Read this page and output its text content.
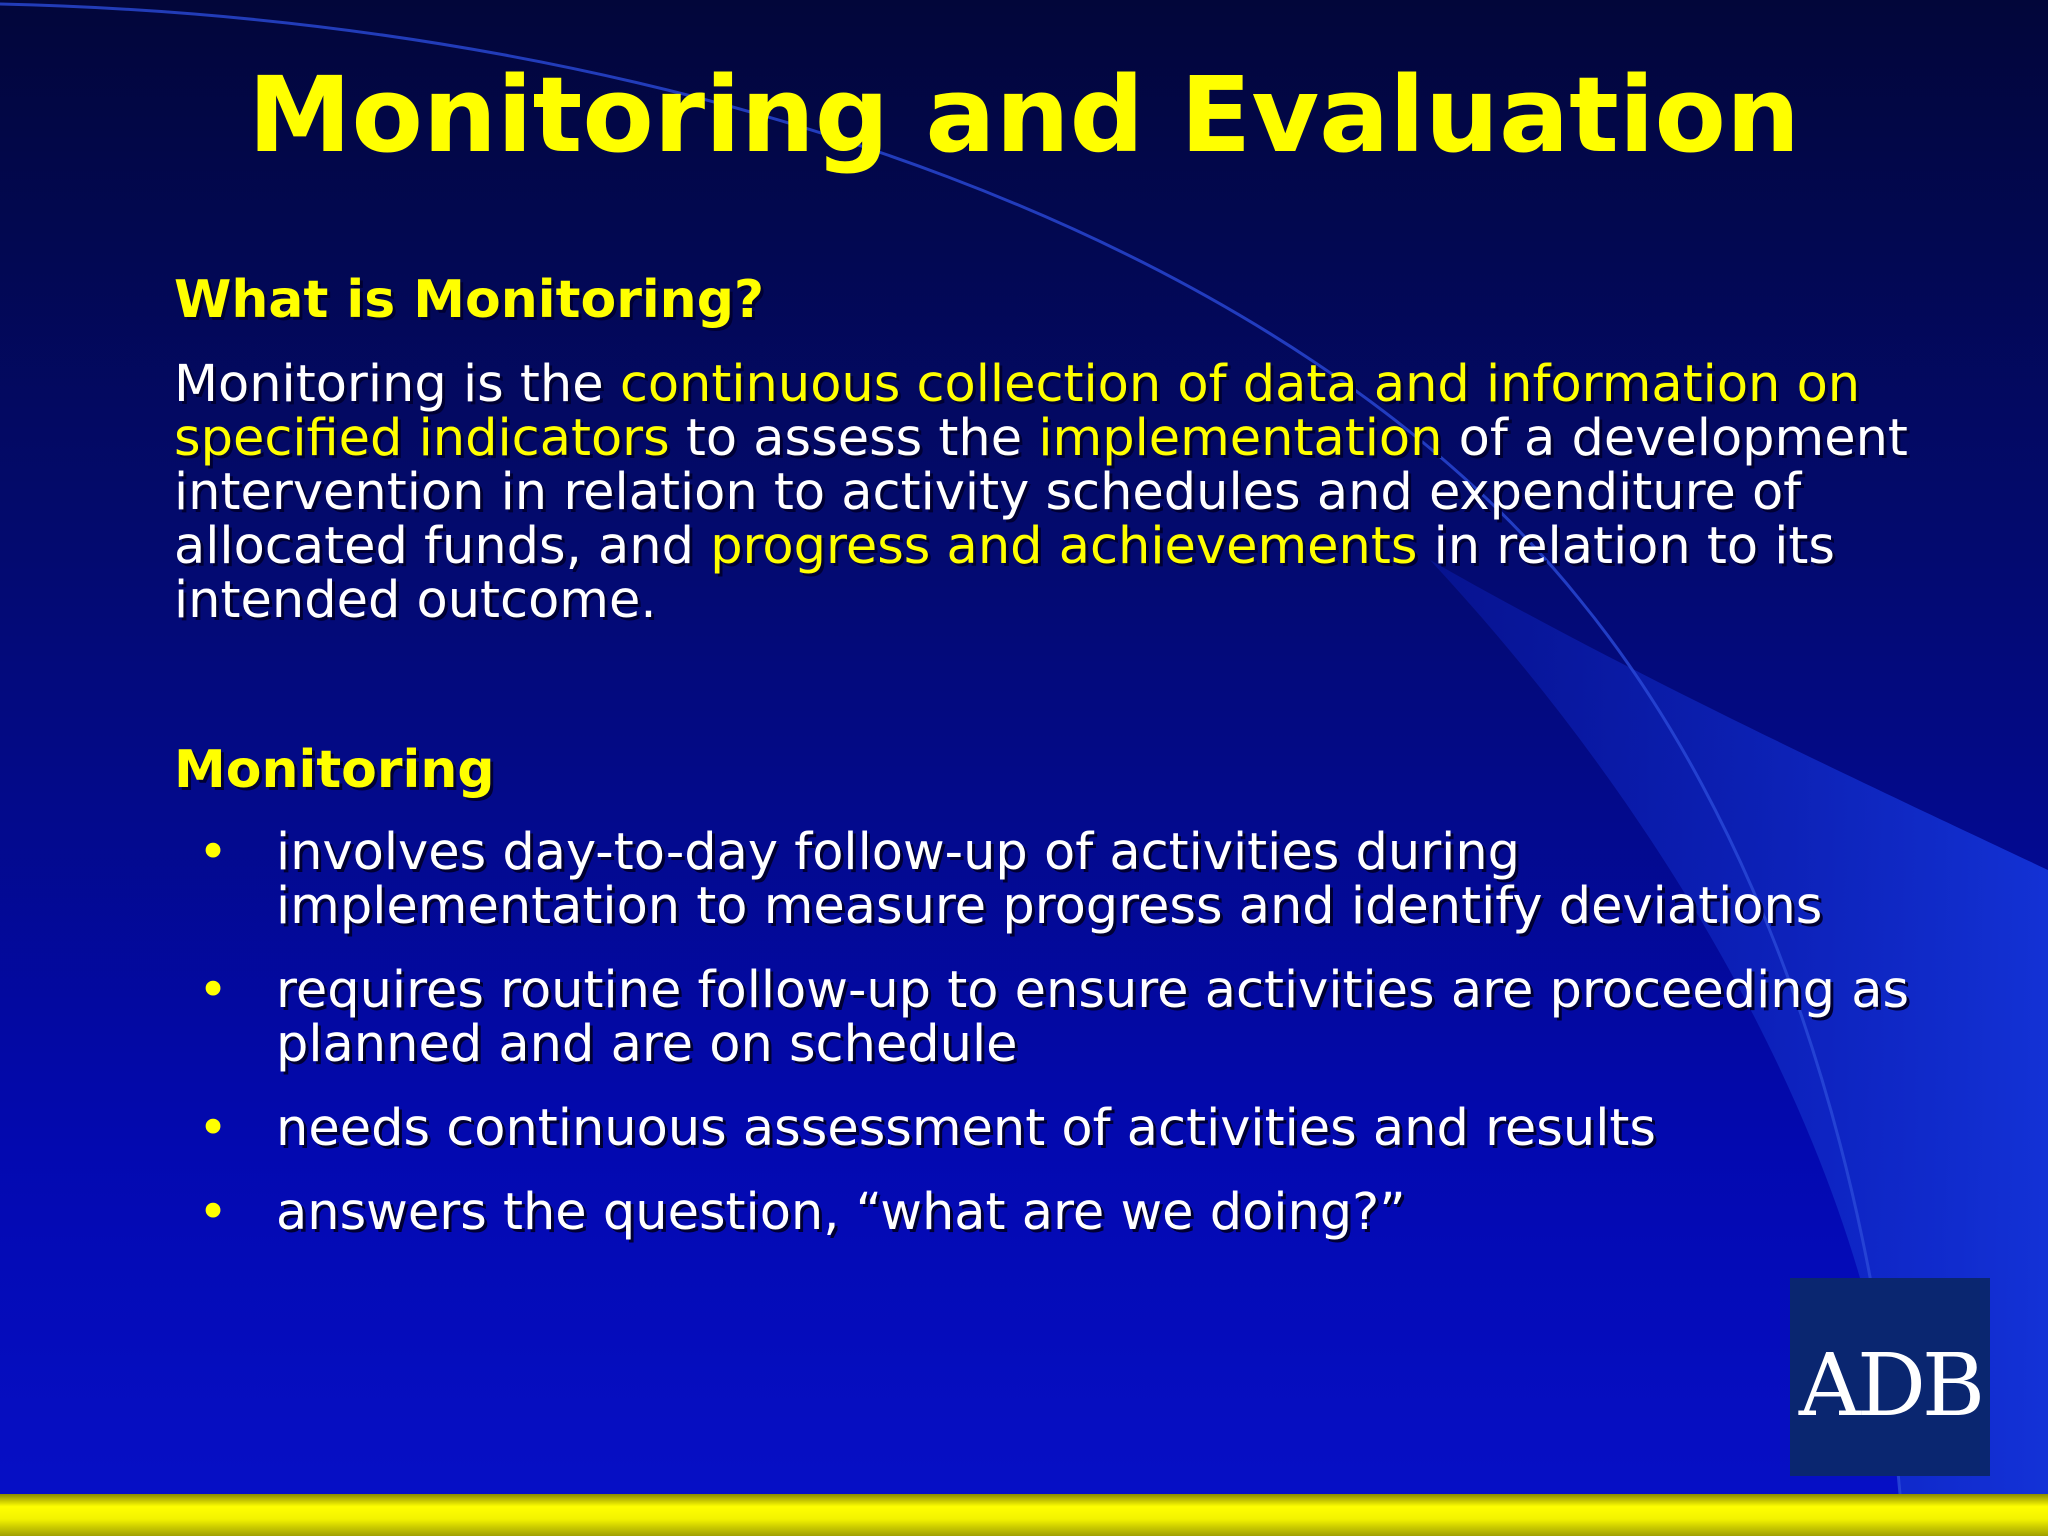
Monitoring and Evaluation
What is Monitoring?

Monitoring is the continuous collection of data and information on specified indicators to assess the implementation of a development intervention in relation to activity schedules and expenditure of allocated funds, and progress and achievements in relation to its intended outcome.

Monitoring
• involves day-to-day follow-up of activities during implementation to measure progress and identify deviations
• requires routine follow-up to ensure activities are proceeding as planned and are on schedule
• needs continuous assessment of activities and results
• answers the question, “what are we doing?”
ADB
